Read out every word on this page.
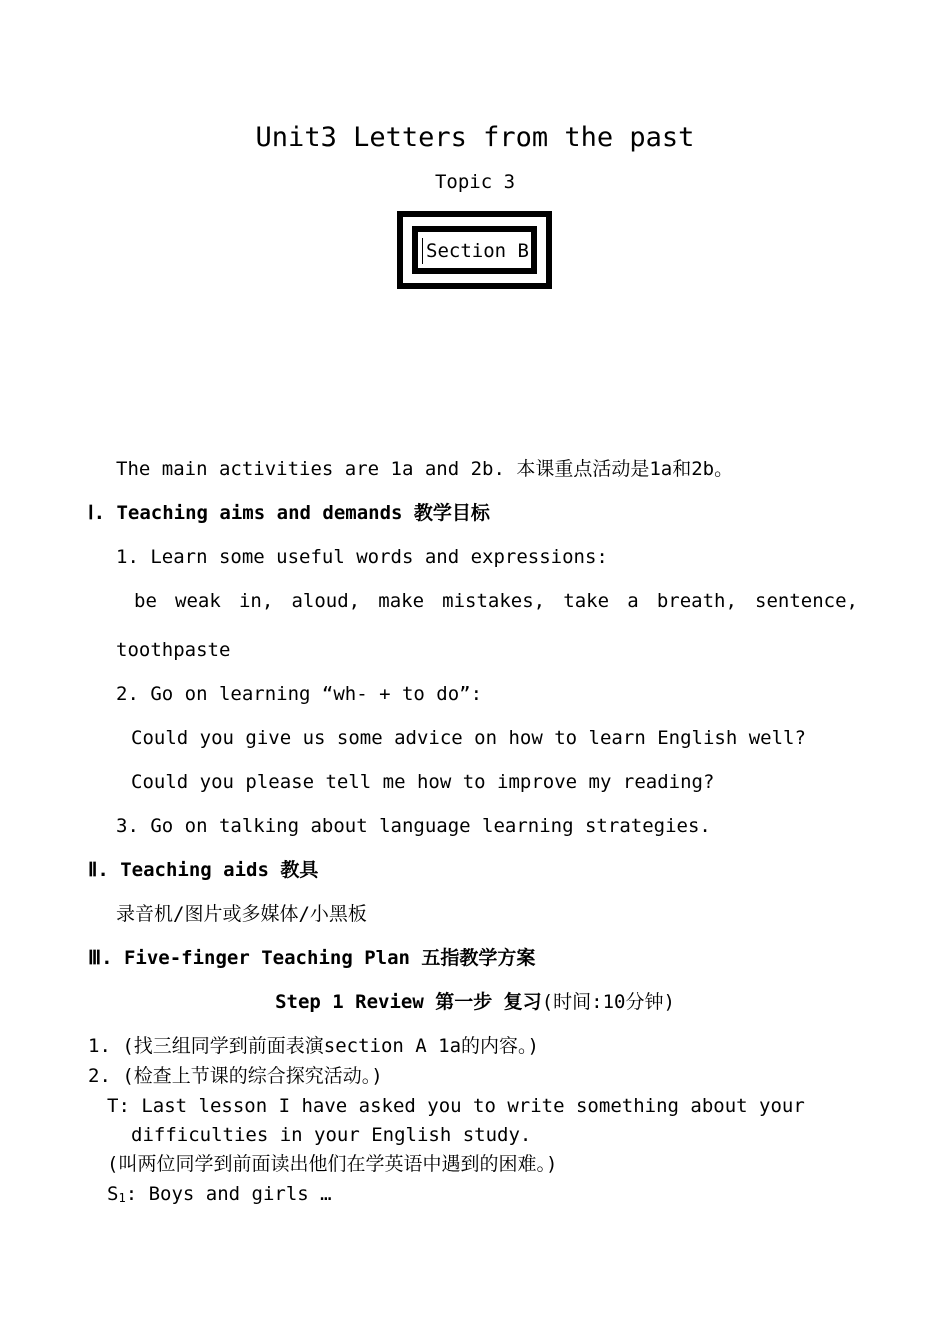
Unit3 Letters from the past
Topic 3
Section B
The main activities are 1a and 2b. 本课重点活动是1a和2b。
Ⅰ. Teaching aims and demands 教学目标
1. Learn some useful words and expressions:
be weak in, aloud, make mistakes, take a breath, sentence,
toothpaste
2. Go on learning “wh- + to do”:
Could you give us some advice on how to learn English well?
Could you please tell me how to improve my reading?
3. Go on talking about language learning strategies.
Ⅱ. Teaching aids 教具
录音机/图片或多媒体/小黑板
Ⅲ. Five-finger Teaching Plan 五指教学方案
Step 1 Review 第一步 复习(时间:10分钟)
1. (找三组同学到前面表演section A 1a的内容。)
2. (检查上节课的综合探究活动。)
T: Last lesson I have asked you to write something about your
difficulties in your English study.
(叫两位同学到前面读出他们在学英语中遇到的困难。)
$S_1$: Boys and girls …
